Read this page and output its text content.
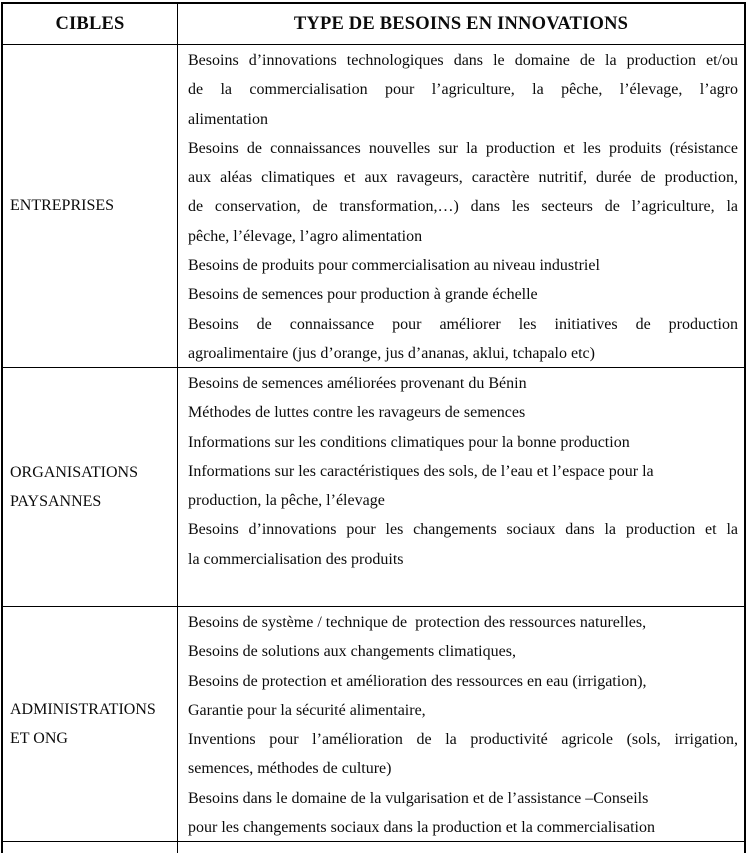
CIBLES	TYPE DE BESOINS EN INNOVATIONS
ENTREPRISES
Besoins d’innovations technologiques dans le domaine de la production et/ou
de la commercialisation pour l’agriculture, la pêche, l’élevage, l’agro
alimentation
Besoins de connaissances nouvelles sur la production et les produits (résistance
aux aléas climatiques et aux ravageurs, caractère nutritif, durée de production,
de conservation, de transformation,…) dans les secteurs de l’agriculture, la
pêche, l’élevage, l’agro alimentation
Besoins de produits pour commercialisation au niveau industriel
Besoins de semences pour production à grande échelle
Besoins de connaissance pour améliorer les initiatives de production
agroalimentaire (jus d’orange, jus d’ananas, aklui, tchapalo etc)
ORGANISATIONS
PAYSANNES
Besoins de semences améliorées provenant du Bénin
Méthodes de luttes contre les ravageurs de semences
Informations sur les conditions climatiques pour la bonne production
Informations sur les caractéristiques des sols, de l’eau et l’espace pour la
production, la pêche, l’élevage
Besoins d’innovations pour les changements sociaux dans la production et la
la commercialisation des produits
ADMINISTRATIONS
ET ONG
Besoins de système / technique de  protection des ressources naturelles,
Besoins de solutions aux changements climatiques,
Besoins de protection et amélioration des ressources en eau (irrigation),
Garantie pour la sécurité alimentaire,
Inventions pour l’amélioration de la productivité agricole (sols, irrigation,
semences, méthodes de culture)
Besoins dans le domaine de la vulgarisation et de l’assistance –Conseils
pour les changements sociaux dans la production et la commercialisation
